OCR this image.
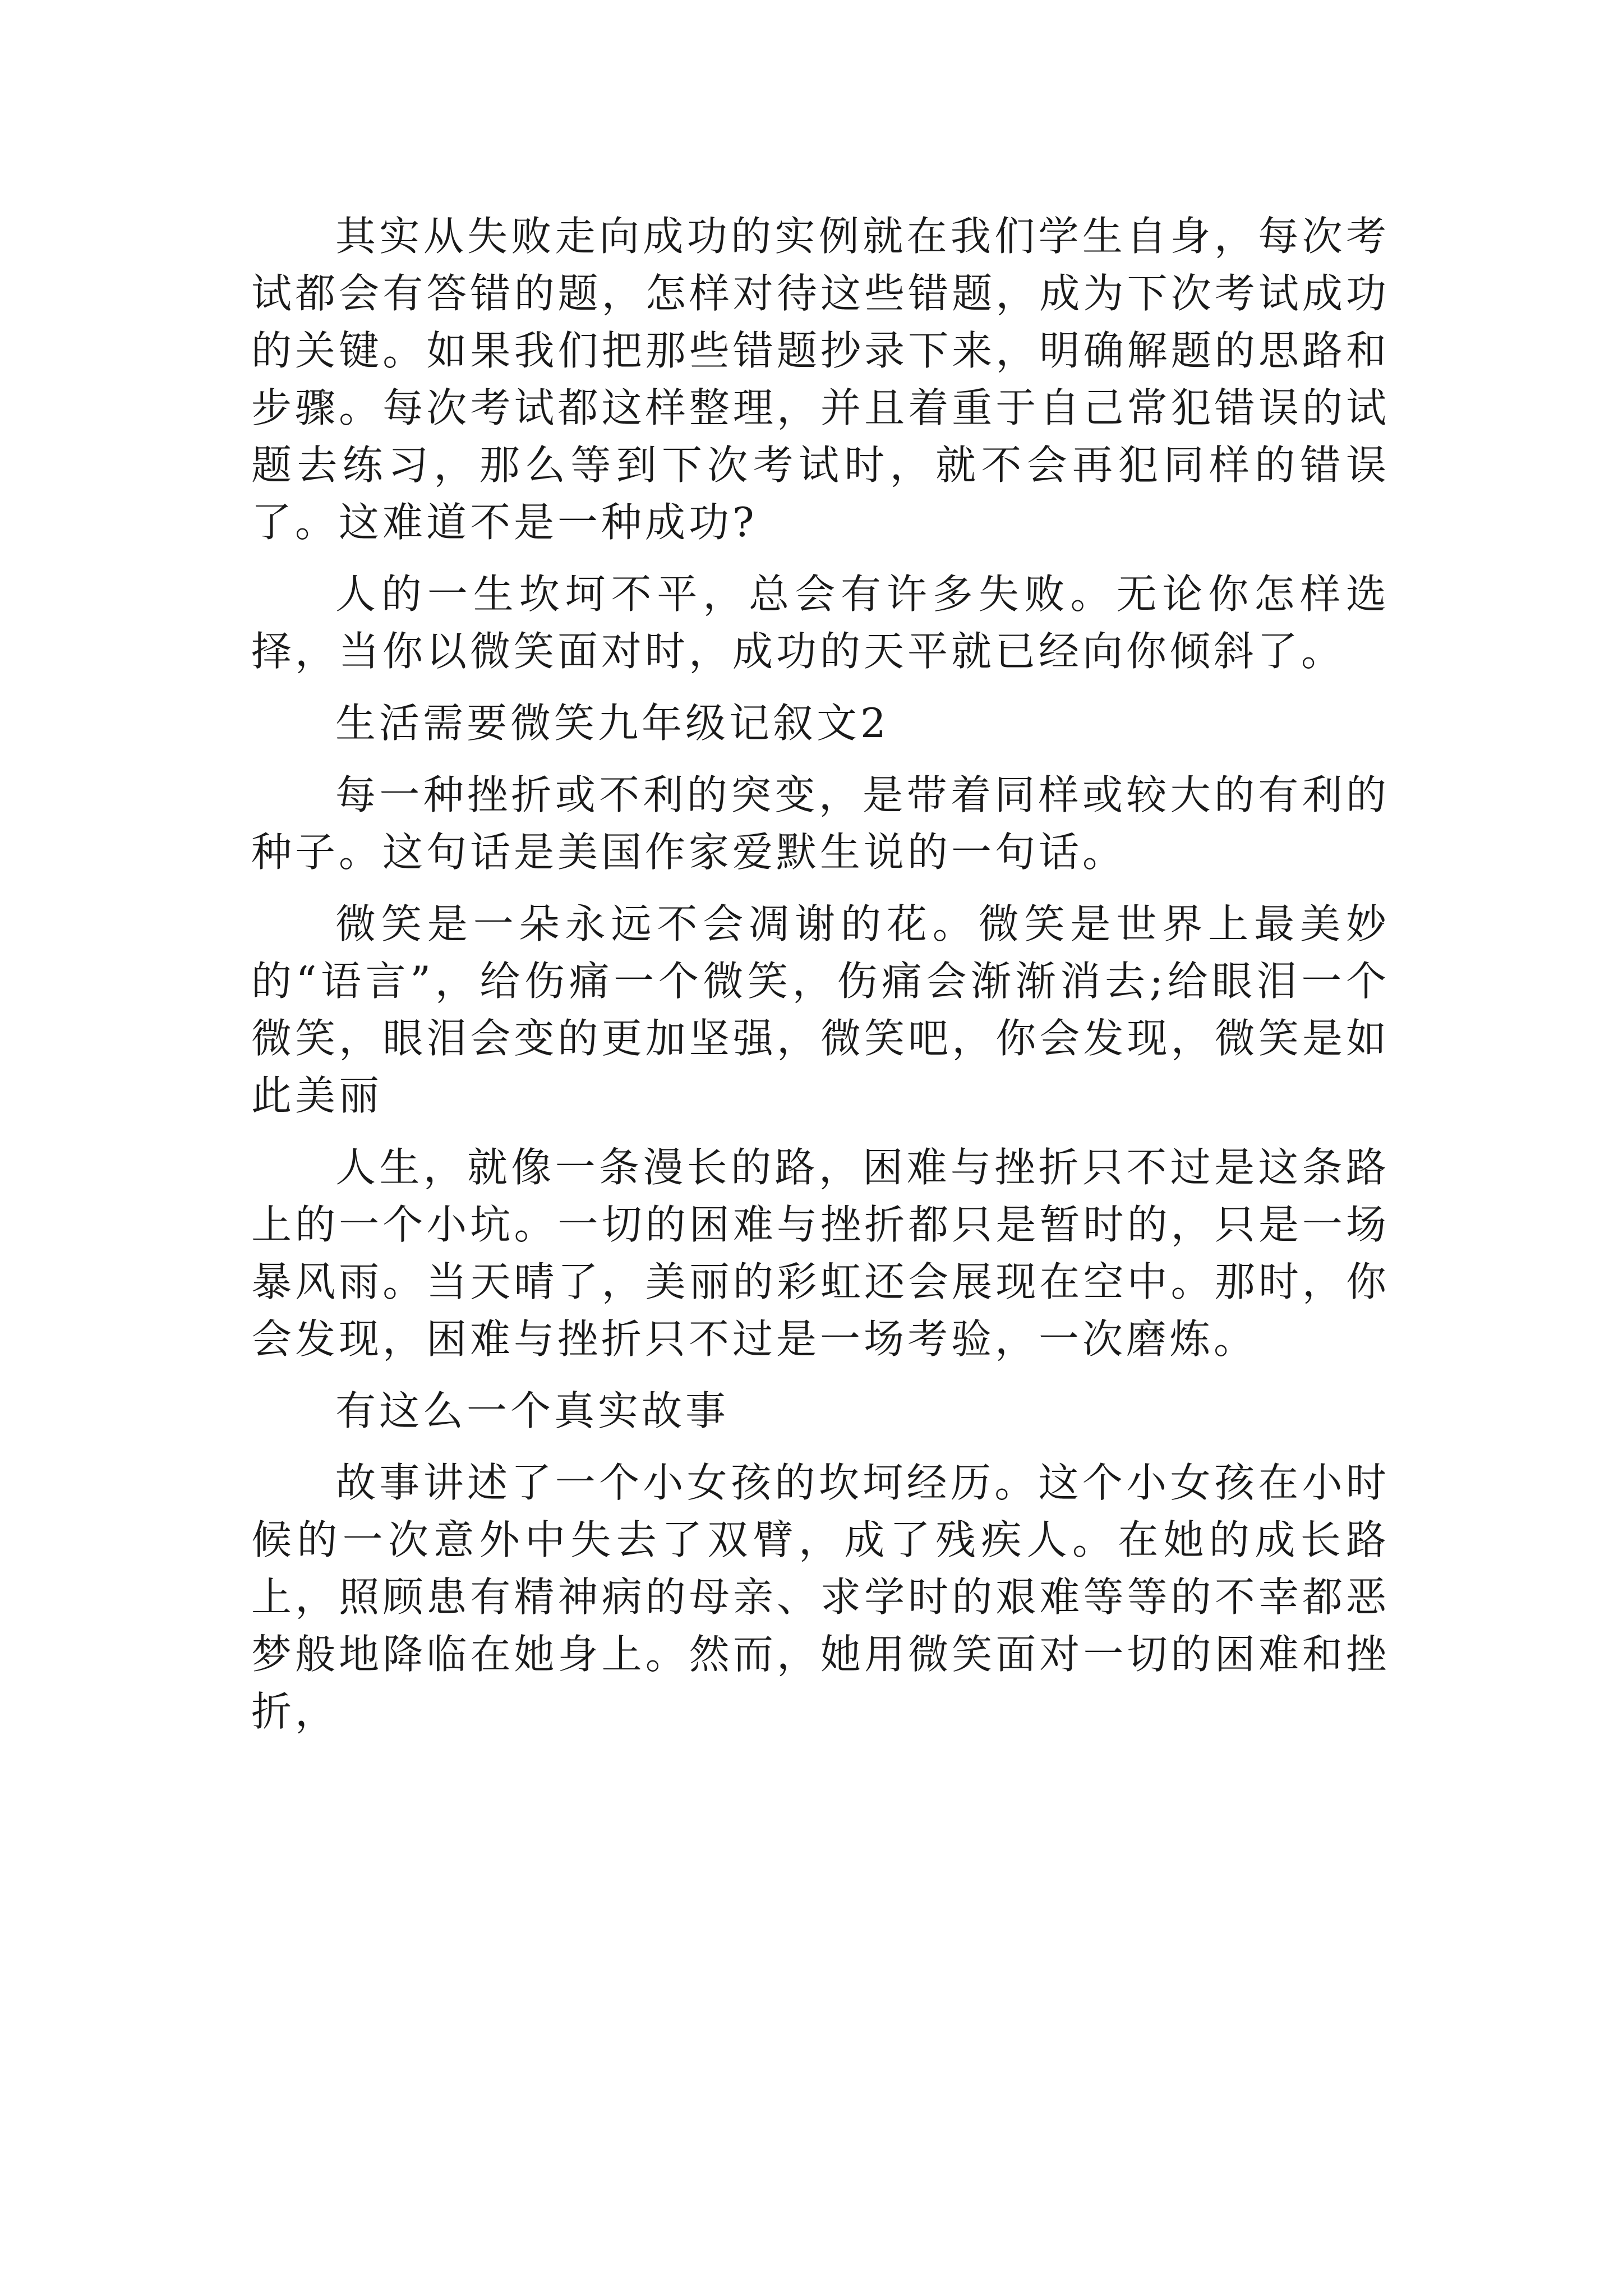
其实从失败走向成功的实例就在我们学生自身，每次考试都会有答错的题，怎样对待这些错题，成为下次考试成功的关键。如果我们把那些错题抄录下来，明确解题的思路和步骤。每次考试都这样整理，并且着重于自己常犯错误的试题去练习，那么等到下次考试时，就不会再犯同样的错误了。这难道不是一种成功?

人的一生坎坷不平，总会有许多失败。无论你怎样选择，当你以微笑面对时，成功的天平就已经向你倾斜了。

生活需要微笑九年级记叙文2

每一种挫折或不利的突变，是带着同样或较大的有利的种子。这句话是美国作家爱默生说的一句话。

微笑是一朵永远不会凋谢的花。微笑是世界上最美妙的“语言”，给伤痛一个微笑，伤痛会渐渐消去;给眼泪一个微笑，眼泪会变的更加坚强，微笑吧，你会发现，微笑是如此美丽

人生，就像一条漫长的路，困难与挫折只不过是这条路上的一个小坑。一切的困难与挫折都只是暂时的，只是一场暴风雨。当天晴了，美丽的彩虹还会展现在空中。那时，你会发现，困难与挫折只不过是一场考验，一次磨炼。

有这么一个真实故事

故事讲述了一个小女孩的坎坷经历。这个小女孩在小时候的一次意外中失去了双臂，成了残疾人。在她的成长路上，照顾患有精神病的母亲、求学时的艰难等等的不幸都恶梦般地降临在她身上。然而，她用微笑面对一切的困难和挫折，
